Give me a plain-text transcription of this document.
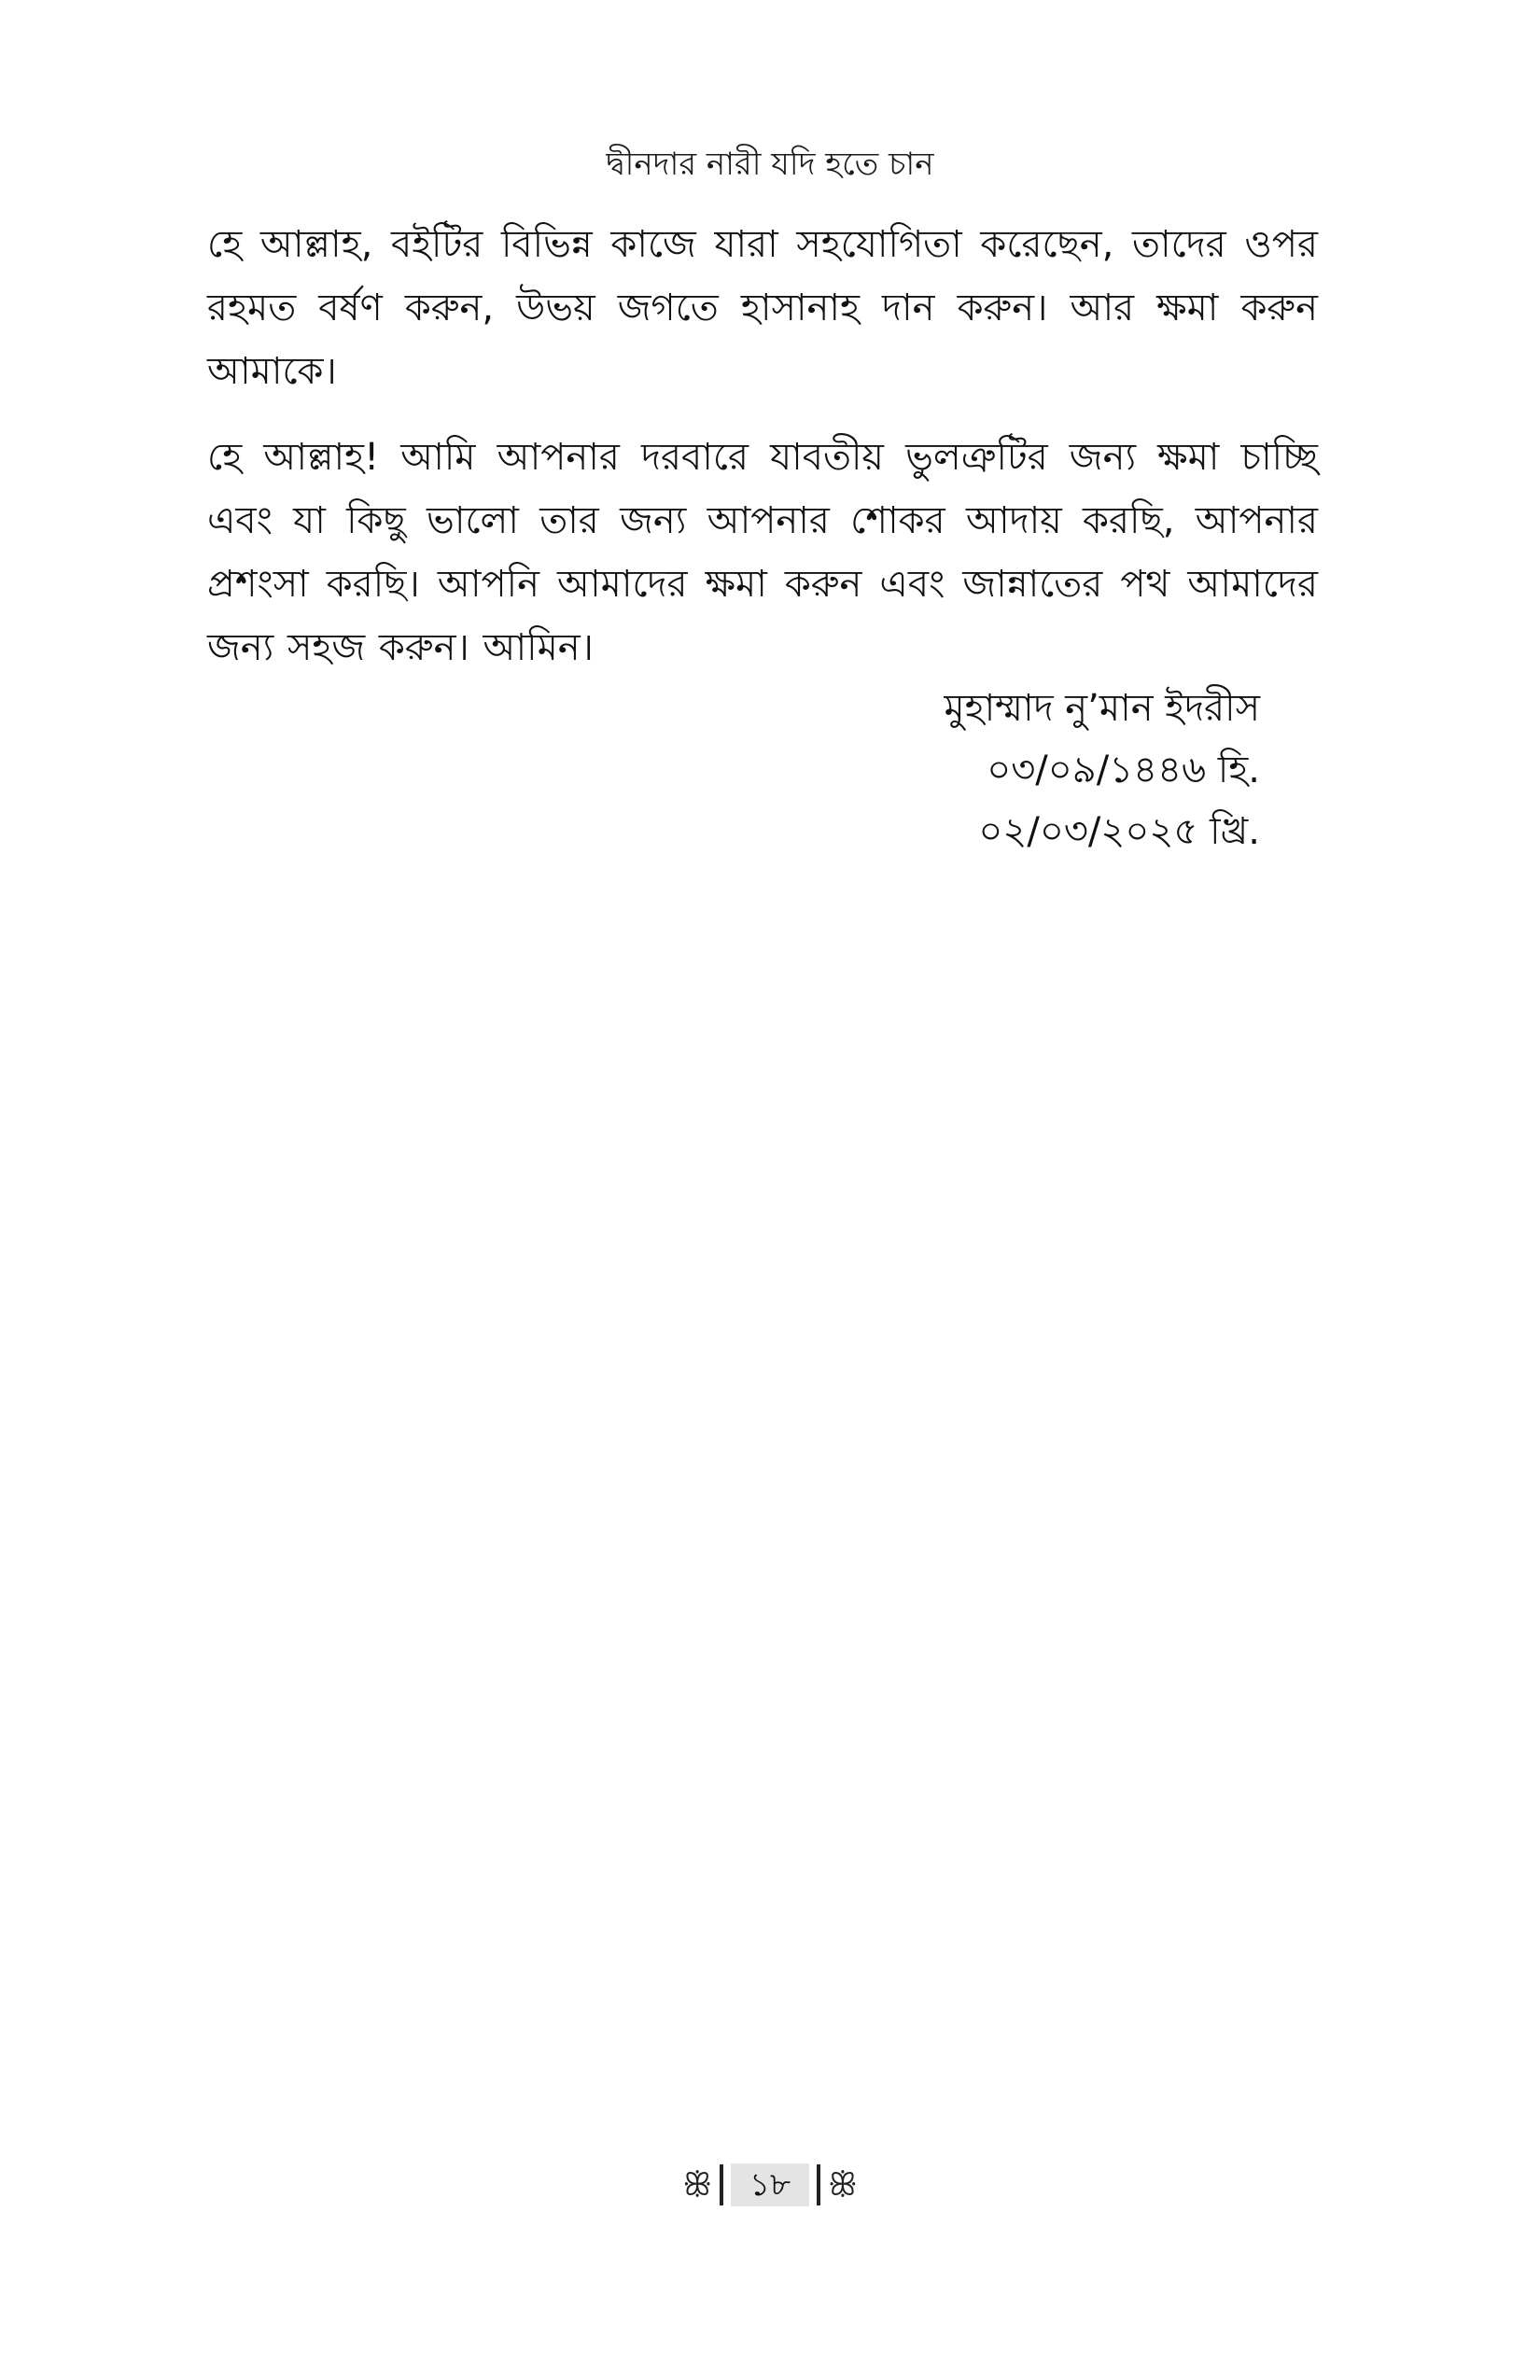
দ্বীনদার নারী যদি হতে চান

হে আল্লাহ, বইটির বিভিন্ন কাজে যারা সহযোগিতা করেছেন, তাদের ওপর রহমত বর্ষণ করুন, উভয় জগতে হাসানাহ দান করুন। আর ক্ষমা করুন আমাকে।

হে আল্লাহ! আমি আপনার দরবারে যাবতীয় ভুলত্রুটির জন্য ক্ষমা চাচ্ছি এবং যা কিছু ভালো তার জন্য আপনার শোকর আদায় করছি, আপনার প্রশংসা করছি। আপনি আমাদের ক্ষমা করুন এবং জান্নাতের পথ আমাদের জন্য সহজ করুন। আমিন।

মুহাম্মাদ নু’মান ইদরীস
০৩/০৯/১৪৪৬ হি.
০২/০৩/২০২৫ খ্রি.
ꕥ	১৮	ꕥ
